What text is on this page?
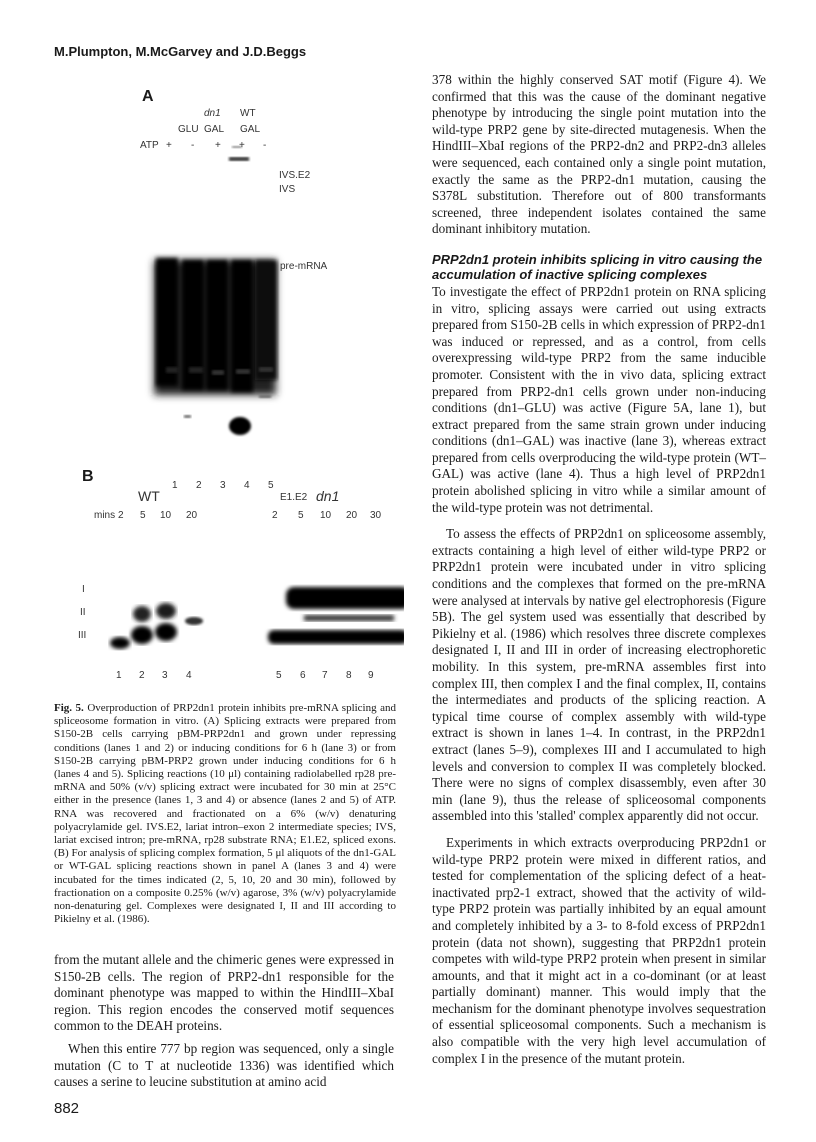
M.Plumpton, M.McGarvey and J.D.Beggs
A
dn1 WT
GLU GAL GAL
ATP + - + + -
IVS.E2
IVS
pre-mRNA
E1.E2
1 2 3 4 5
B
WT	dn1
mins 2 5 10 20	2 5 10 20 30
I
II
III
1 2 3 4	5 6 7 8 9
Fig. 5. Overproduction of PRP2dn1 protein inhibits pre-mRNA splicing and spliceosome formation in vitro. (A) Splicing extracts were prepared from S150-2B cells carrying pBM-PRP2dn1 and grown under repressing conditions (lanes 1 and 2) or inducing conditions for 6 h (lane 3) or from S150-2B carrying pBM-PRP2 grown under inducing conditions for 6 h (lanes 4 and 5). Splicing reactions (10 μl) containing radiolabelled rp28 pre-mRNA and 50% (v/v) splicing extract were incubated for 30 min at 25°C either in the presence (lanes 1, 3 and 4) or absence (lanes 2 and 5) of ATP. RNA was recovered and fractionated on a 6% (w/v) denaturing polyacrylamide gel. IVS.E2, lariat intron–exon 2 intermediate species; IVS, lariat excised intron; pre-mRNA, rp28 substrate RNA; E1.E2, spliced exons. (B) For analysis of splicing complex formation, 5 μl aliquots of the dn1-GAL or WT-GAL splicing reactions shown in panel A (lanes 3 and 4) were incubated for the times indicated (2, 5, 10, 20 and 30 min), followed by fractionation on a composite 0.25% (w/v) agarose, 3% (w/v) polyacrylamide non-denaturing gel. Complexes were designated I, II and III according to Pikielny et al. (1986).

from the mutant allele and the chimeric genes were expressed in S150-2B cells. The region of PRP2-dn1 responsible for the dominant phenotype was mapped to within the HindIII–XbaI region. This region encodes the conserved motif sequences common to the DEAH proteins.

When this entire 777 bp region was sequenced, only a single mutation (C to T at nucleotide 1336) was identified which causes a serine to leucine substitution at amino acid

378 within the highly conserved SAT motif (Figure 4). We confirmed that this was the cause of the dominant negative phenotype by introducing the single point mutation into the wild-type PRP2 gene by site-directed mutagenesis. When the HindIII–XbaI regions of the PRP2-dn2 and PRP2-dn3 alleles were sequenced, each contained only a single point mutation, exactly the same as the PRP2-dn1 mutation, causing the S378L substitution. Therefore out of 800 transformants screened, three independent isolates contained the same dominant inhibitory mutation.

PRP2dn1 protein inhibits splicing in vitro causing the accumulation of inactive splicing complexes

To investigate the effect of PRP2dn1 protein on RNA splicing in vitro, splicing assays were carried out using extracts prepared from S150-2B cells in which expression of PRP2-dn1 was induced or repressed, and as a control, from cells overexpressing wild-type PRP2 from the same inducible promoter. Consistent with the in vivo data, splicing extract prepared from PRP2-dn1 cells grown under non-inducing conditions (dn1–GLU) was active (Figure 5A, lane 1), but extract prepared from the same strain grown under inducing conditions (dn1–GAL) was inactive (lane 3), whereas extract prepared from cells overproducing the wild-type protein (WT–GAL) was active (lane 4). Thus a high level of PRP2dn1 protein abolished splicing in vitro while a similar amount of the wild-type protein was not detrimental.

To assess the effects of PRP2dn1 on spliceosome assembly, extracts containing a high level of either wild-type PRP2 or PRP2dn1 protein were incubated under in vitro splicing conditions and the complexes that formed on the pre-mRNA were analysed at intervals by native gel electrophoresis (Figure 5B). The gel system used was essentially that described by Pikielny et al. (1986) which resolves three discrete complexes designated I, II and III in order of increasing electrophoretic mobility. In this system, pre-mRNA assembles first into complex III, then complex I and the final complex, II, contains the intermediates and products of the splicing reaction. A typical time course of complex assembly with wild-type extract is shown in lanes 1–4. In contrast, in the PRP2dn1 extract (lanes 5–9), complexes III and I accumulated to high levels and conversion to complex II was completely blocked. There were no signs of complex disassembly, even after 30 min (lane 9), thus the release of spliceosomal components assembled into this 'stalled' complex apparently did not occur.

Experiments in which extracts overproducing PRP2dn1 or wild-type PRP2 protein were mixed in different ratios, and tested for complementation of the splicing defect of a heat-inactivated prp2-1 extract, showed that the activity of wild-type PRP2 protein was partially inhibited by an equal amount and completely inhibited by a 3- to 8-fold excess of PRP2dn1 protein (data not shown), suggesting that PRP2dn1 protein competes with wild-type PRP2 protein when present in similar amounts, and that it might act in a co-dominant (or at least partially dominant) manner. This would imply that the mechanism for the dominant phenotype involves sequestration of essential spliceosomal components. Such a mechanism is also compatible with the very high level accumulation of complex I in the presence of the mutant protein.

882
